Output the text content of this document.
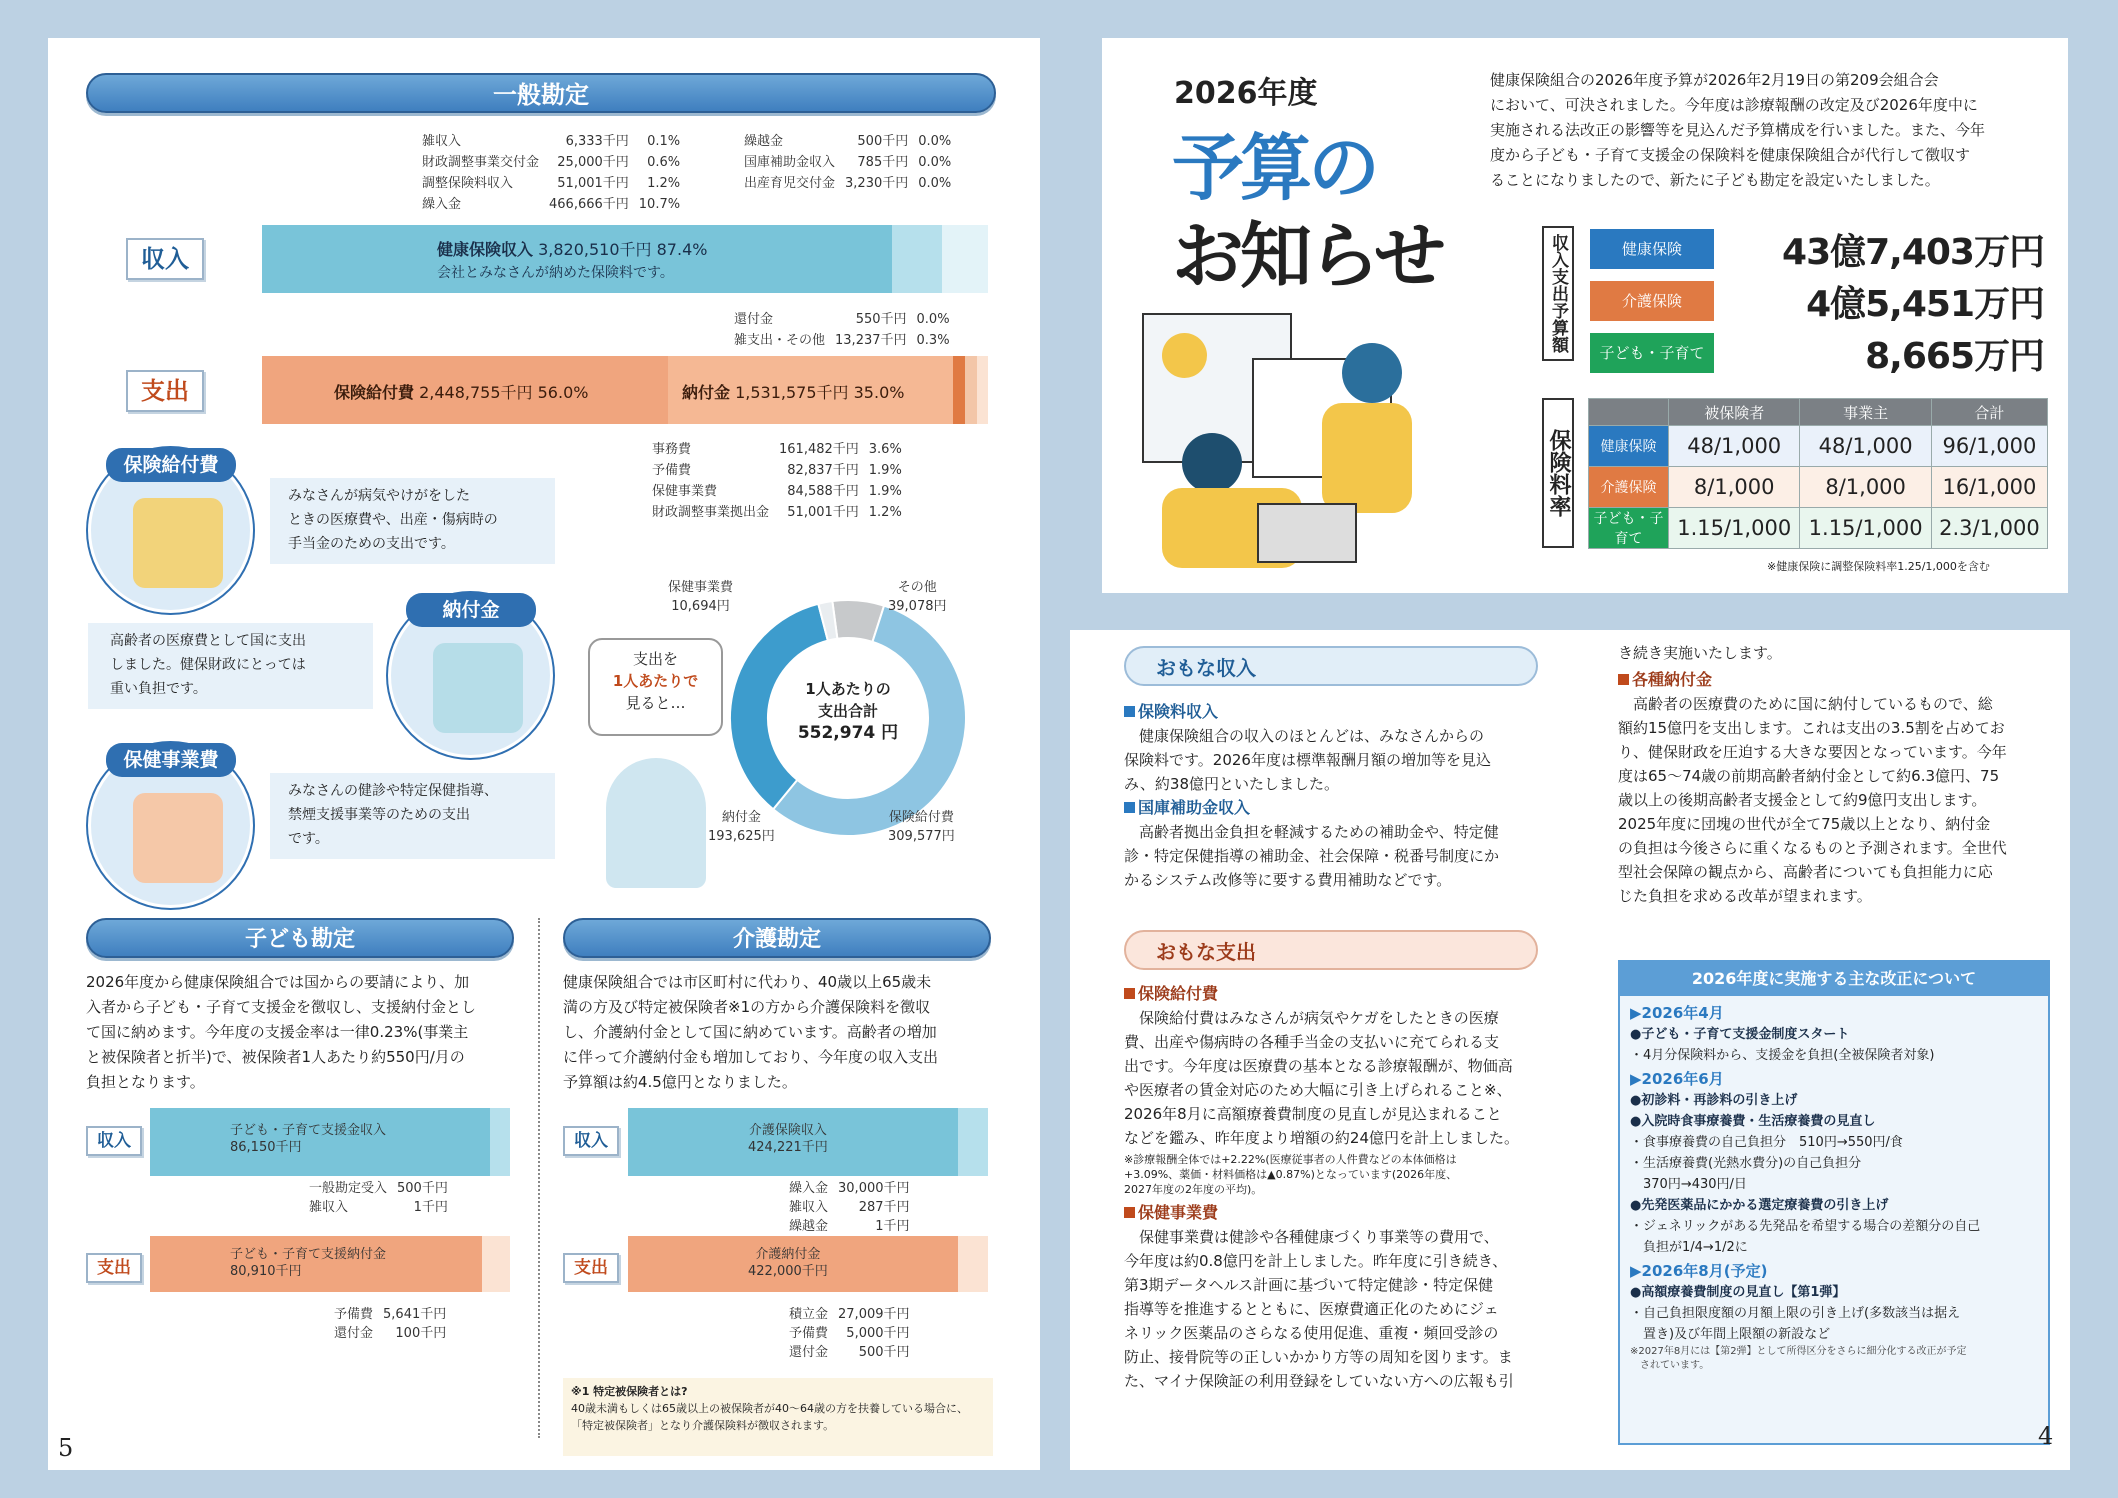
一般勘定
雑収入	6,333千円	0.1%
財政調整事業交付金	25,000千円	0.6%
調整保険料収入	51,001千円	1.2%
繰入金	466,666千円	10.7%
繰越金	500千円	0.0%
国庫補助金収入	785千円	0.0%
出産育児交付金	3,230千円	0.0%
収入	健康保険収入 3,820,510千円 87.4%
会社とみなさんが納めた保険料です。
還付金	550千円	0.0%
雑支出・その他	13,237千円	0.3%
支出	保険給付費 2,448,755千円 56.0%	納付金 1,531,575千円 35.0%
事務費	161,482千円	3.6%
予備費	82,837千円	1.9%
保健事業費	84,588千円	1.9%
財政調整事業拠出金	51,001千円	1.2%
保険給付費
みなさんが病気やけがをした
ときの医療費や、出産・傷病時の
手当金のための支出です。
高齢者の医療費として国に支出
しました。健保財政にとっては
重い負担です。
納付金
保健事業費
みなさんの健診や特定保健指導、
禁煙支援事業等のための支出
です。
支出を
1人あたりで
見ると…
1人あたりの
支出合計
552,974 円
保健事業費
10,694円
その他
39,078円
納付金
193,625円
保険給付費
309,577円
子ども勘定
2026年度から健康保険組合では国からの要請により、加
入者から子ども・子育て支援金を徴収し、支援納付金とし
て国に納めます。今年度の支援金率は一律0.23%(事業主
と被保険者と折半)で、被保険者1人あたり約550円/月の
負担となります。
収入
子ども・子育て支援金収入
86,150千円
一般勘定受入	500千円
雑収入	1千円
支出
子ども・子育て支援納付金
80,910千円
予備費	5,641千円
還付金	100千円
介護勘定
健康保険組合では市区町村に代わり、40歳以上65歳未
満の方及び特定被保険者※1の方から介護保険料を徴収
し、介護納付金として国に納めています。高齢者の増加
に伴って介護納付金も増加しており、今年度の収入支出
予算額は約4.5億円となりました。
収入
介護保険収入
424,221千円
繰入金	30,000千円
雑収入	287千円
繰越金	1千円
支出
介護納付金
422,000千円
積立金	27,009千円
予備費	5,000千円
還付金	500千円
※1 特定被保険者とは?
40歳未満もしくは65歳以上の被保険者が40〜64歳の方を扶養している場合に、
「特定被保険者」となり介護保険料が徴収されます。
5
2026年度
予算の
お知らせ
健康保険組合の2026年度予算が2026年2月19日の第209会組合会
において、可決されました。今年度は診療報酬の改定及び2026年度中に
実施される法改正の影響等を見込んだ予算構成を行いました。また、今年
度から子ども・子育て支援金の保険料を健康保険組合が代行して徴収す
ることになりましたので、新たに子ども勘定を設定いたしました。
収入支出予算額	健康保険	43億7,403万円
介護保険	4億5,451万円
子ども・子育て	8,665万円
保険料率
	被保険者	事業主	合計
健康保険	48/1,000	48/1,000	96/1,000
介護保険	8/1,000	8/1,000	16/1,000
子ども・子育て	1.15/1,000	1.15/1,000	2.3/1,000
※健康保険に調整保険料率1.25/1,000を含む
おもな収入
保険料収入
健康保険組合の収入のほとんどは、みなさんからの
保険料です。2026年度は標準報酬月額の増加等を見込
み、約38億円といたしました。
国庫補助金収入
高齢者拠出金負担を軽減するための補助金や、特定健
診・特定保健指導の補助金、社会保障・税番号制度にか
かるシステム改修等に要する費用補助などです。
おもな支出
保険給付費
保険給付費はみなさんが病気やケガをしたときの医療
費、出産や傷病時の各種手当金の支払いに充てられる支
出です。今年度は医療費の基本となる診療報酬が、物価高
や医療者の賃金対応のため大幅に引き上げられること※、
2026年8月に高額療養費制度の見直しが見込まれること
などを鑑み、昨年度より増額の約24億円を計上しました。
※診療報酬全体では+2.22%(医療従事者の人件費などの本体価格は
+3.09%、薬価・材料価格は▲0.87%)となっています(2026年度、
2027年度の2年度の平均)。
保健事業費
保健事業費は健診や各種健康づくり事業等の費用で、
今年度は約0.8億円を計上しました。昨年度に引き続き、
第3期データヘルス計画に基づいて特定健診・特定保健
指導等を推進するとともに、医療費適正化のためにジェ
ネリック医薬品のさらなる使用促進、重複・頻回受診の
防止、接骨院等の正しいかかり方等の周知を図ります。ま
た、マイナ保険証の利用登録をしていない方への広報も引
き続き実施いたします。
各種納付金
高齢者の医療費のために国に納付しているもので、総
額約15億円を支出します。これは支出の3.5割を占めてお
り、健保財政を圧迫する大きな要因となっています。今年
度は65〜74歳の前期高齢者納付金として約6.3億円、75
歳以上の後期高齢者支援金として約9億円支出します。
2025年度に団塊の世代が全て75歳以上となり、納付金
の負担は今後さらに重くなるものと予測されます。全世代
型社会保障の観点から、高齢者についても負担能力に応
じた負担を求める改革が望まれます。
2026年度に実施する主な改正について
▶2026年4月
●子ども・子育て支援金制度スタート
・4月分保険料から、支援金を負担(全被保険者対象)
▶2026年6月
●初診料・再診料の引き上げ
●入院時食事療養費・生活療養費の見直し
・食事療養費の自己負担分　510円→550円/食
・生活療養費(光熱水費分)の自己負担分
　370円→430円/日
●先発医薬品にかかる選定療養費の引き上げ
・ジェネリックがある先発品を希望する場合の差額分の自己
　負担が1/4→1/2に
▶2026年8月(予定)
●高額療養費制度の見直し【第1弾】
・自己負担限度額の月額上限の引き上げ(多数該当は据え
　置き)及び年間上限額の新設など
※2027年8月には【第2弾】として所得区分をさらに細分化する改正が予定
　されています。
4
